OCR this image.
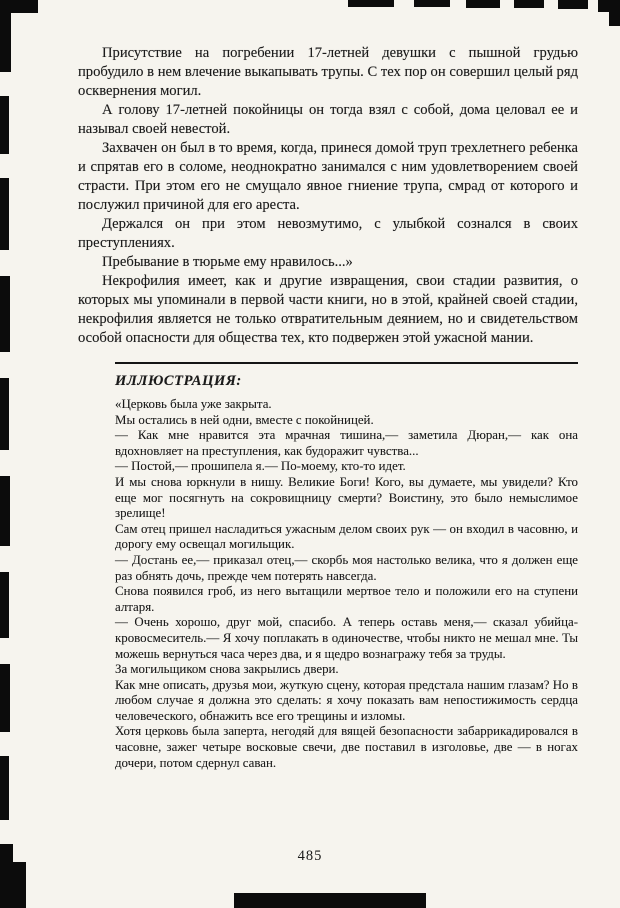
Присутствие на погребении 17-летней девушки с пышной грудью пробудило в нем влечение выкапывать трупы. С тех пор он совершил целый ряд осквернения могил.

А голову 17-летней покойницы он тогда взял с собой, дома целовал ее и называл своей невестой.

Захвачен он был в то время, когда, принеся домой труп трехлетнего ребенка и спрятав его в соломе, неоднократно занимался с ним удовлетворением своей страсти. При этом его не смущало явное гниение трупа, смрад от которого и послужил причиной для его ареста.

Держался он при этом невозмутимо, с улыбкой сознался в своих преступлениях.

Пребывание в тюрьме ему нравилось...»

Некрофилия имеет, как и другие извращения, свои стадии развития, о которых мы упоминали в первой части книги, но в этой, крайней своей стадии, некрофилия является не только отвратительным деянием, но и свидетельством особой опасности для общества тех, кто подвержен этой ужасной мании.

ИЛЛЮСТРАЦИЯ:

«Церковь была уже закрыта.

Мы остались в ней одни, вместе с покойницей.

— Как мне нравится эта мрачная тишина,— заметила Дюран,— как она вдохновляет на преступления, как будоражит чувства...

— Постой,— прошипела я.— По-моему, кто-то идет.

И мы снова юркнули в нишу. Великие Боги! Кого, вы думаете, мы увидели? Кто еще мог посягнуть на сокровищницу смерти? Воистину, это было немыслимое зрелище!

Сам отец пришел насладиться ужасным делом своих рук — он входил в часовню, и дорогу ему освещал могильщик.

— Достань ее,— приказал отец,— скорбь моя настолько велика, что я должен еще раз обнять дочь, прежде чем потерять навсегда.

Снова появился гроб, из него вытащили мертвое тело и положили его на ступени алтаря.

— Очень хорошо, друг мой, спасибо. А теперь оставь меня,— сказал убийца-кровосмеситель.— Я хочу поплакать в одиночестве, чтобы никто не мешал мне. Ты можешь вернуться часа через два, и я щедро вознагражу тебя за труды.

За могильщиком снова закрылись двери.

Как мне описать, друзья мои, жуткую сцену, которая предстала нашим глазам? Но в любом случае я должна это сделать: я хочу показать вам непостижимость сердца человеческого, обнажить все его трещины и изломы.

Хотя церковь была заперта, негодяй для вящей безопасности забаррикадировался в часовне, зажег четыре восковые свечи, две поставил в изголовье, две — в ногах дочери, потом сдернул саван.

485
